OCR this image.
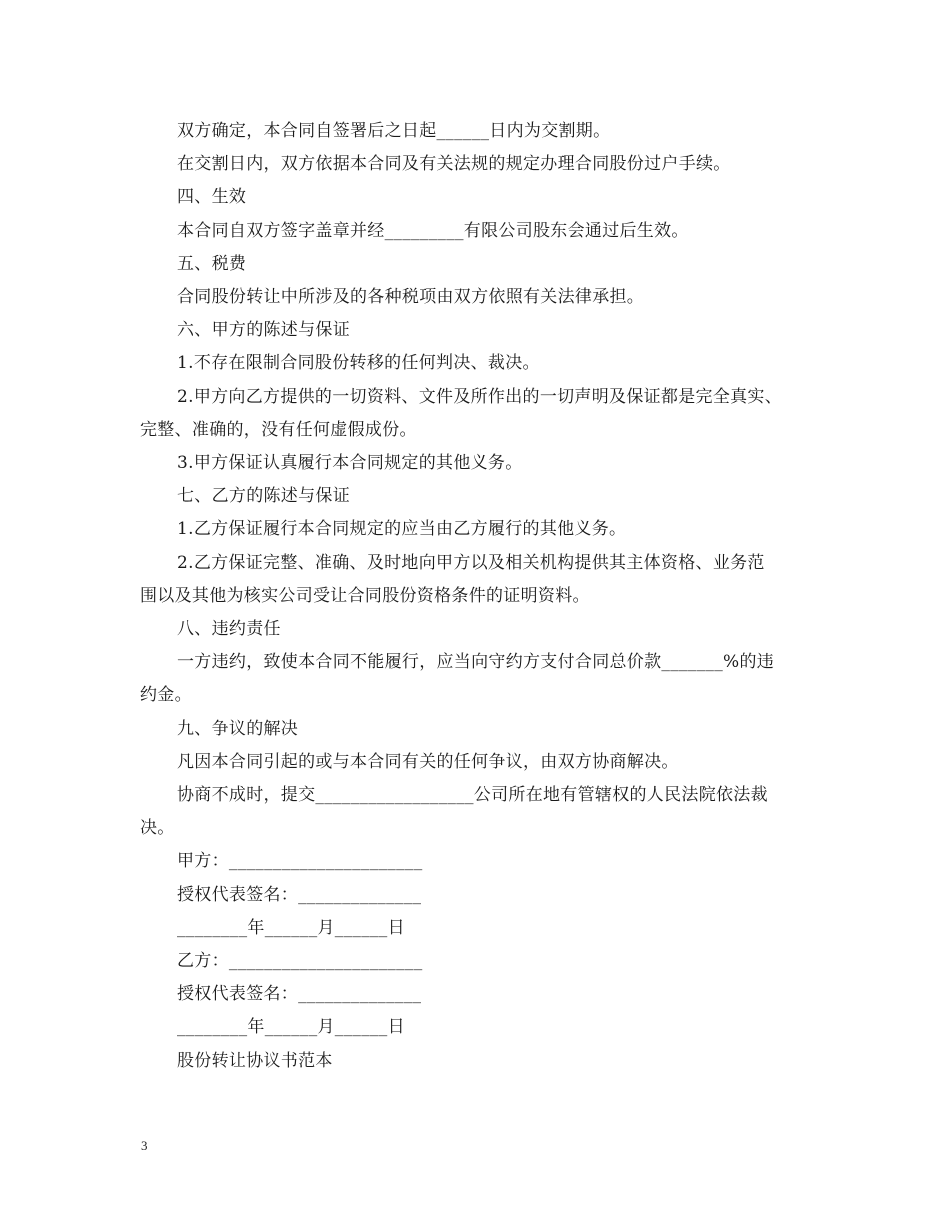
双方确定，本合同自签署后之日起______日内为交割期。
在交割日内，双方依据本合同及有关法规的规定办理合同股份过户手续。
四、生效
本合同自双方签字盖章并经_________有限公司股东会通过后生效。
五、税费
合同股份转让中所涉及的各种税项由双方依照有关法律承担。
六、甲方的陈述与保证
1.不存在限制合同股份转移的任何判决、裁决。
2.甲方向乙方提供的一切资料、文件及所作出的一切声明及保证都是完全真实、
完整、准确的，没有任何虚假成份。
3.甲方保证认真履行本合同规定的其他义务。
七、乙方的陈述与保证
1.乙方保证履行本合同规定的应当由乙方履行的其他义务。
2.乙方保证完整、准确、及时地向甲方以及相关机构提供其主体资格、业务范
围以及其他为核实公司受让合同股份资格条件的证明资料。
八、违约责任
一方违约，致使本合同不能履行，应当向守约方支付合同总价款_______%的违
约金。
九、争议的解决
凡因本合同引起的或与本合同有关的任何争议，由双方协商解决。
协商不成时，提交__________________公司所在地有管辖权的人民法院依法裁
决。
甲方：______________________
授权代表签名：______________
________年______月______日
乙方：______________________
授权代表签名：______________
________年______月______日
股份转让协议书范本
3
